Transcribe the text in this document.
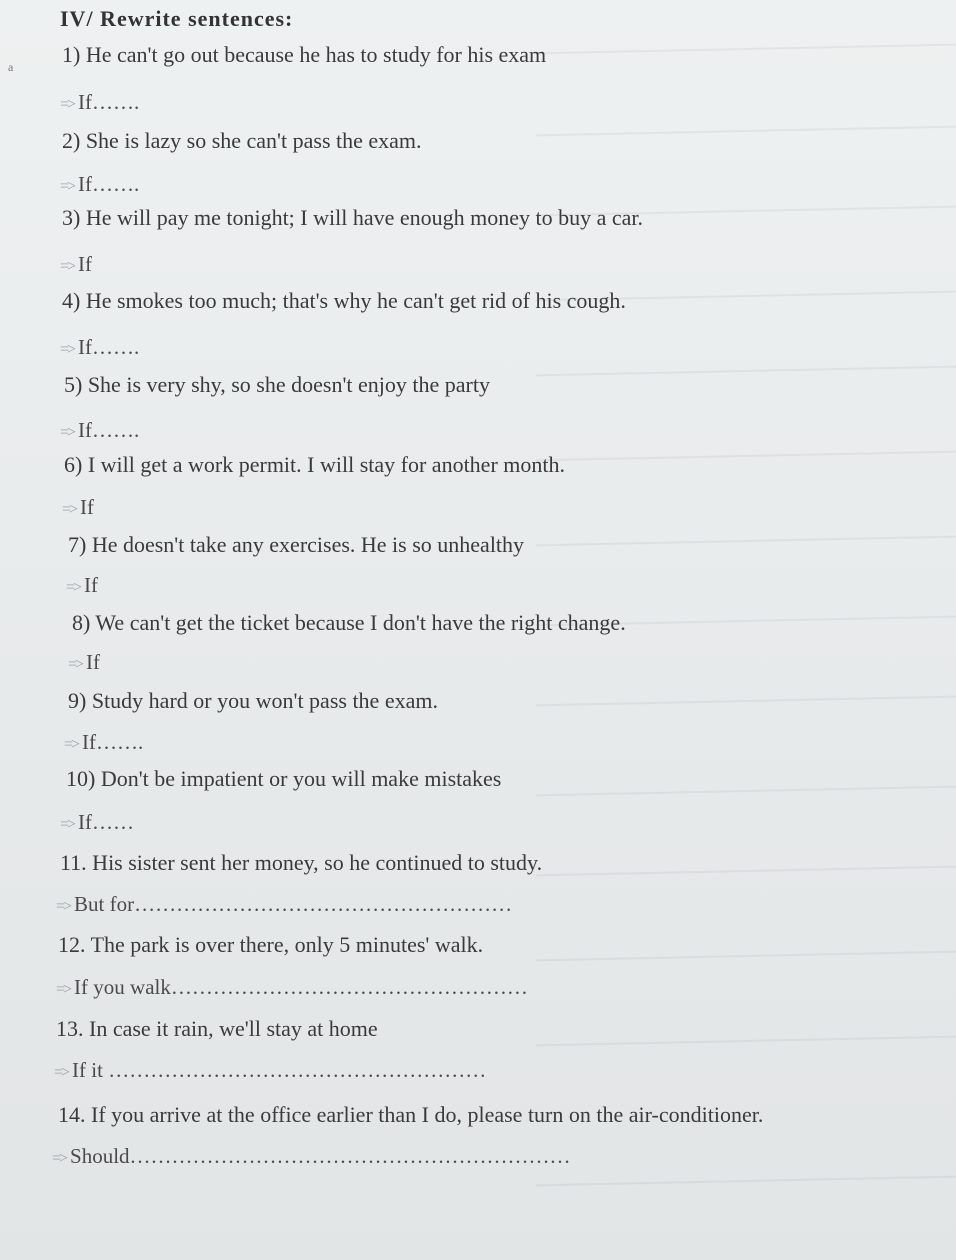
IV/ Rewrite sentences:
a 1) He can't go out because he has to study for his exam
=> If…….
2) She is lazy so she can't pass the exam.
=> If…….
3) He will pay me tonight; I will have enough money to buy a car.
=> If
4) He smokes too much; that's why he can't get rid of his cough.
=> If…….
5) She is very shy, so she doesn't enjoy the party
=> If…….
6) I will get a work permit. I will stay for another month.
=> If
7) He doesn't take any exercises. He is so unhealthy
=> If
8) We can't get the ticket because I don't have the right change.
=> If
9) Study hard or you won't pass the exam.
=> If…….
10) Don't be impatient or you will make mistakes
=> If……
11. His sister sent her money, so he continued to study.
=> But for………………………………………………
12. The park is over there, only 5 minutes' walk.
=> If you walk……………………………………………
13. In case it rain, we'll stay at home
=> If it ………………………………………………
14. If you arrive at the office earlier than I do, please turn on the air-conditioner.
=> Should………………………………………………………
